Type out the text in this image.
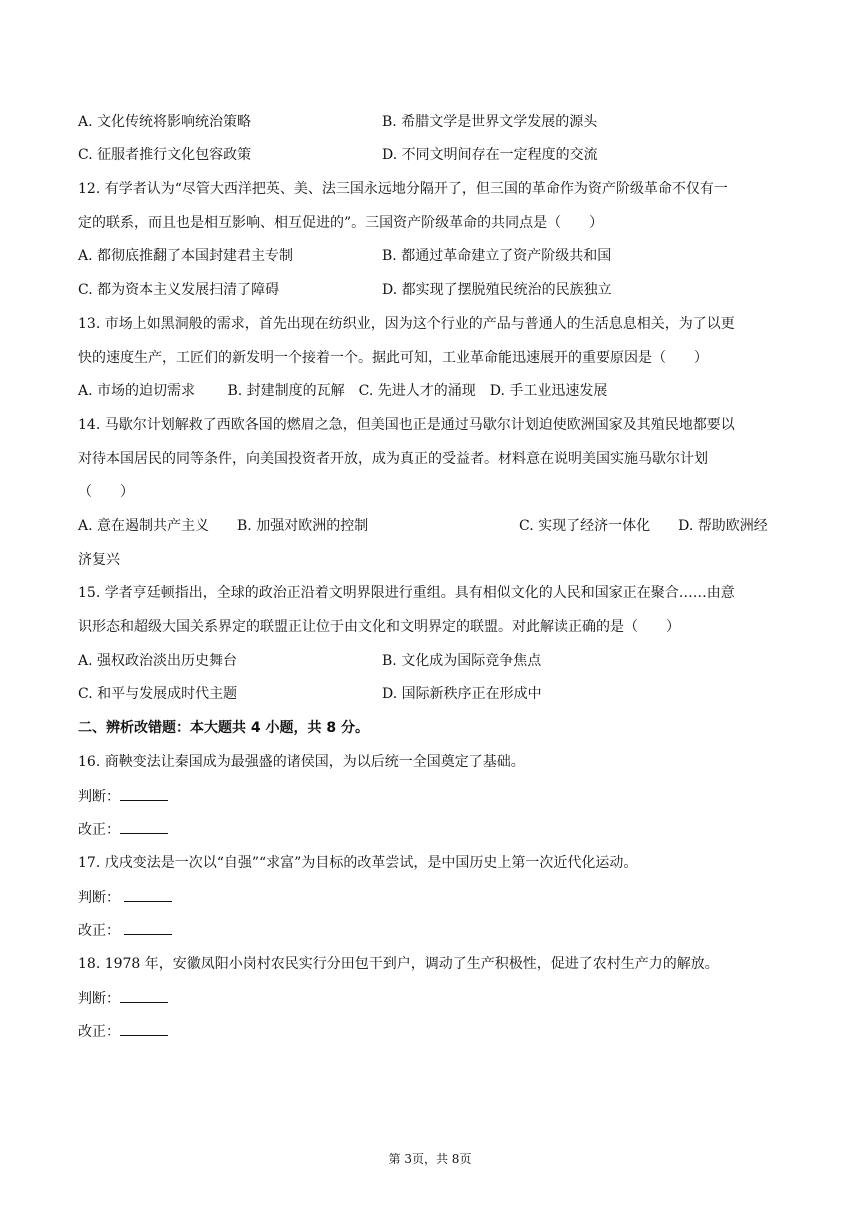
A. 文化传统将影响统治策略	B. 希腊文学是世界文学发展的源头
C. 征服者推行文化包容政策	D. 不同文明间存在一定程度的交流
12. 有学者认为“尽管大西洋把英、美、法三国永远地分隔开了，但三国的革命作为资产阶级革命不仅有一
定的联系，而且也是相互影响、相互促进的”。三国资产阶级革命的共同点是（　　）
A. 都彻底推翻了本国封建君主专制	B. 都通过革命建立了资产阶级共和国
C. 都为资本主义发展扫清了障碍	D. 都实现了摆脱殖民统治的民族独立
13. 市场上如黑洞般的需求，首先出现在纺织业，因为这个行业的产品与普通人的生活息息相关，为了以更
快的速度生产，工匠们的新发明一个接着一个。据此可知，工业革命能迅速展开的重要原因是（　　）
A. 市场的迫切需求　　 B. 封建制度的瓦解　C. 先进人才的涌现　D. 手工业迅速发展
14. 马歇尔计划解救了西欧各国的燃眉之急，但美国也正是通过马歇尔计划迫使欧洲国家及其殖民地都要以
对待本国居民的同等条件，向美国投资者开放，成为真正的受益者。材料意在说明美国实施马歇尔计划
（　　）
A. 意在遏制共产主义　　B. 加强对欧洲的控制	C. 实现了经济一体化　　D. 帮助欧洲经
济复兴
15. 学者亨廷顿指出，全球的政治正沿着文明界限进行重组。具有相似文化的人民和国家正在聚合……由意
识形态和超级大国关系界定的联盟正让位于由文化和文明界定的联盟。对此解读正确的是（　　）
A. 强权政治淡出历史舞台	B. 文化成为国际竞争焦点
C. 和平与发展成时代主题	D. 国际新秩序正在形成中
二、辨析改错题：本大题共 4 小题，共 8 分。
16. 商鞅变法让秦国成为最强盛的诸侯国，为以后统一全国奠定了基础。
判断：
改正：
17. 戊戌变法是一次以“自强”“求富”为目标的改革尝试，是中国历史上第一次近代化运动。
判断：
改正：
18. 1978 年，安徽凤阳小岗村农民实行分田包干到户，调动了生产积极性，促进了农村生产力的解放。
判断：
改正：
第 3页，共 8页
